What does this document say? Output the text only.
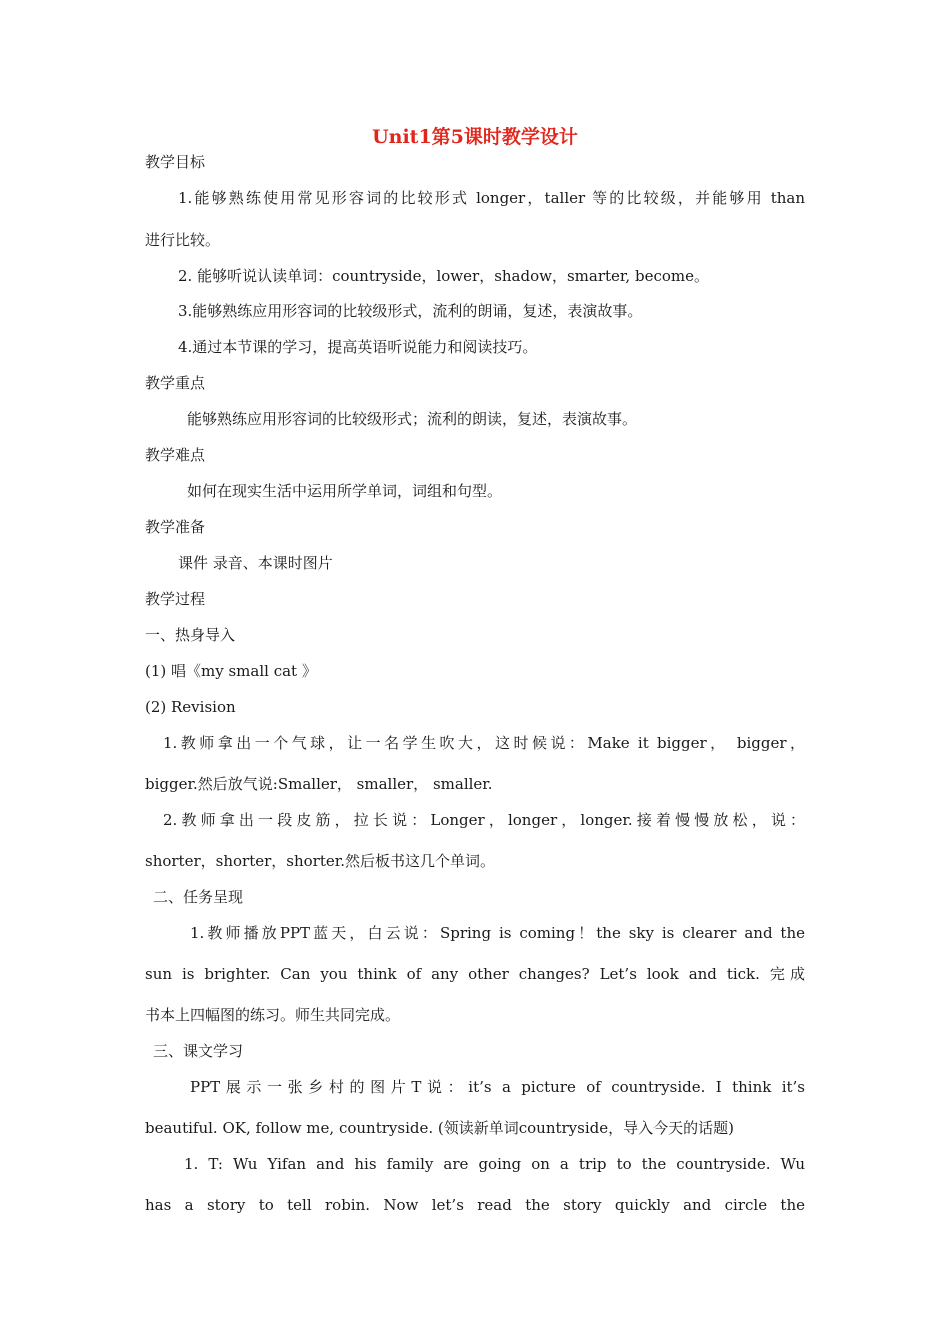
Unit1第5课时教学设计
教学目标
1.能够熟练使用常见形容词的比较形式 longer，taller 等的比较级，并能够用 than
进行比较。
2. 能够听说认读单词：countryside，lower，shadow，smarter, become。
3.能够熟练应用形容词的比较级形式，流利的朗诵，复述，表演故事。
4.通过本节课的学习，提高英语听说能力和阅读技巧。
教学重点
能够熟练应用形容词的比较级形式；流利的朗读，复述，表演故事。
教学难点
如何在现实生活中运用所学单词，词组和句型。
教学准备
课件 录音、本课时图片
教学过程
一、热身导入
(1) 唱《my small cat 》
(2) Revision
1.教师拿出一个气球，让一名学生吹大，这时候说：Make it bigger， bigger，
bigger.然后放气说:Smaller， smaller， smaller.
2.教师拿出一段皮筋，拉长说：Longer，longer，longer.接着慢慢放松，说：
shorter，shorter，shorter.然后板书这几个单词。
二、任务呈现
1.教师播放PPT蓝天，白云说：Spring is coming！the sky is clearer and the
sun is brighter. Can you think of any other changes? Let’s look and tick. 完成
书本上四幅图的练习。师生共同完成。
三、课文学习
PPT展示一张乡村的图片T说：it’s a picture of countryside. I think it’s
beautiful. OK, follow me, countryside. (领读新单词countryside，导入今天的话题)
1. T: Wu Yifan and his family are going on a trip to the countryside. Wu
has a story to tell robin. Now let’s read the story quickly and circle the
